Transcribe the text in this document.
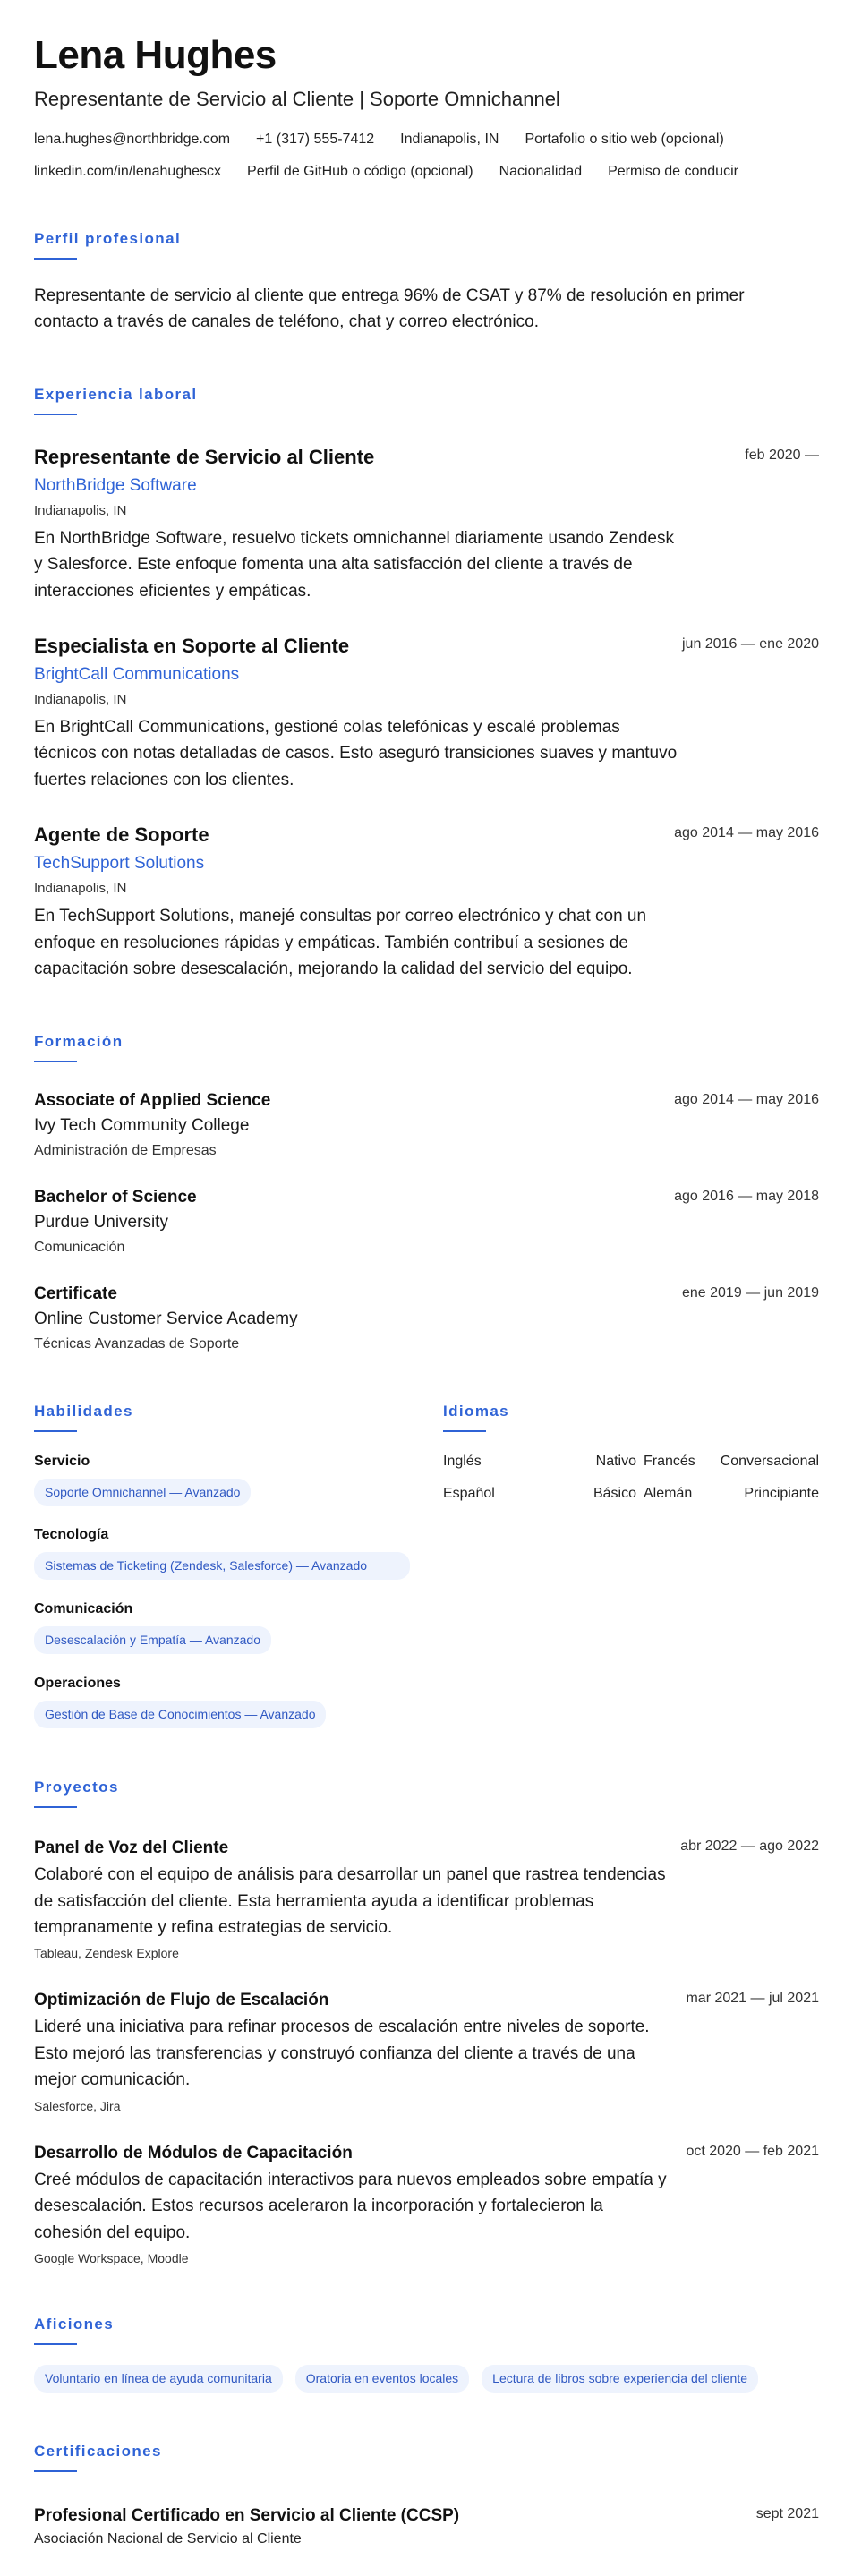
Lena Hughes
Representante de Servicio al Cliente | Soporte Omnichannel
lena.hughes@northbridge.com +1 (317) 555-7412 Indianapolis, IN Portafolio o sitio web (opcional)
linkedin.com/in/lenahughescx Perfil de GitHub o código (opcional) Nacionalidad Permiso de conducir
Perfil profesional
Representante de servicio al cliente que entrega 96% de CSAT y 87% de resolución en primer contacto a través de canales de teléfono, chat y correo electrónico.
Experiencia laboral
Representante de Servicio al Cliente	feb 2020 —
NorthBridge Software
Indianapolis, IN
En NorthBridge Software, resuelvo tickets omnichannel diariamente usando Zendesk y Salesforce. Este enfoque fomenta una alta satisfacción del cliente a través de interacciones eficientes y empáticas.
Especialista en Soporte al Cliente	jun 2016 — ene 2020
BrightCall Communications
Indianapolis, IN
En BrightCall Communications, gestioné colas telefónicas y escalé problemas técnicos con notas detalladas de casos. Esto aseguró transiciones suaves y mantuvo fuertes relaciones con los clientes.
Agente de Soporte	ago 2014 — may 2016
TechSupport Solutions
Indianapolis, IN
En TechSupport Solutions, manejé consultas por correo electrónico y chat con un enfoque en resoluciones rápidas y empáticas. También contribuí a sesiones de capacitación sobre desescalación, mejorando la calidad del servicio del equipo.
Formación
Associate of Applied Science	ago 2014 — may 2016
Ivy Tech Community College
Administración de Empresas
Bachelor of Science	ago 2016 — may 2018
Purdue University
Comunicación
Certificate	ene 2019 — jun 2019
Online Customer Service Academy
Técnicas Avanzadas de Soporte
Habilidades
Servicio
Soporte Omnichannel — Avanzado
Tecnología
Sistemas de Ticketing (Zendesk, Salesforce) — Avanzado
Comunicación
Desescalación y Empatía — Avanzado
Operaciones
Gestión de Base de Conocimientos — Avanzado
Idiomas
Inglés	Nativo Francés	Conversacional
Español	Básico Alemán	Principiante
Proyectos
Panel de Voz del Cliente	abr 2022 — ago 2022
Colaboré con el equipo de análisis para desarrollar un panel que rastrea tendencias de satisfacción del cliente. Esta herramienta ayuda a identificar problemas tempranamente y refina estrategias de servicio.
Tableau, Zendesk Explore
Optimización de Flujo de Escalación	mar 2021 — jul 2021
Lideré una iniciativa para refinar procesos de escalación entre niveles de soporte. Esto mejoró las transferencias y construyó confianza del cliente a través de una mejor comunicación.
Salesforce, Jira
Desarrollo de Módulos de Capacitación	oct 2020 — feb 2021
Creé módulos de capacitación interactivos para nuevos empleados sobre empatía y desescalación. Estos recursos aceleraron la incorporación y fortalecieron la cohesión del equipo.
Google Workspace, Moodle
Aficiones
Voluntario en línea de ayuda comunitaria	Oratoria en eventos locales	Lectura de libros sobre experiencia del cliente
Certificaciones
Profesional Certificado en Servicio al Cliente (CCSP)	sept 2021
Asociación Nacional de Servicio al Cliente
